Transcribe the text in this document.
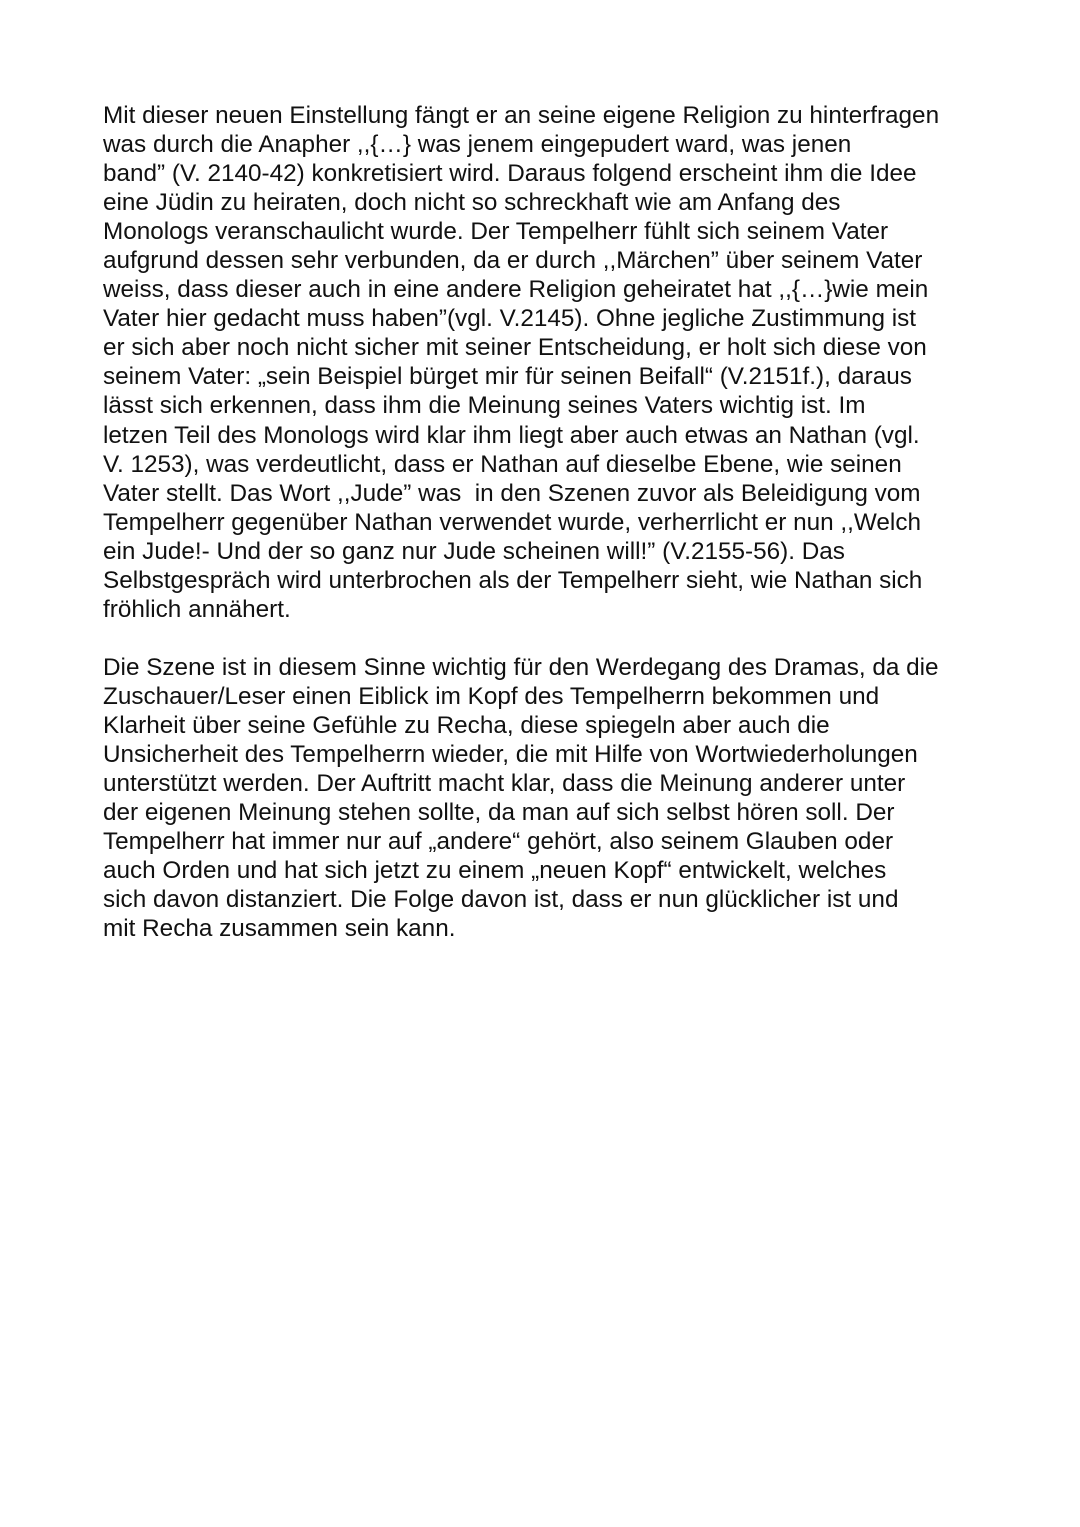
Mit dieser neuen Einstellung fängt er an seine eigene Religion zu hinterfragen
was durch die Anapher ,,{…} was jenem eingepudert ward, was jenen
band” (V. 2140-42) konkretisiert wird. Daraus folgend erscheint ihm die Idee
eine Jüdin zu heiraten, doch nicht so schreckhaft wie am Anfang des
Monologs veranschaulicht wurde. Der Tempelherr fühlt sich seinem Vater
aufgrund dessen sehr verbunden, da er durch ,,Märchen” über seinem Vater
weiss, dass dieser auch in eine andere Religion geheiratet hat ,,{…}wie mein
Vater hier gedacht muss haben”(vgl. V.2145). Ohne jegliche Zustimmung ist
er sich aber noch nicht sicher mit seiner Entscheidung, er holt sich diese von
seinem Vater: „sein Beispiel bürget mir für seinen Beifall“ (V.2151f.), daraus
lässt sich erkennen, dass ihm die Meinung seines Vaters wichtig ist. Im
letzen Teil des Monologs wird klar ihm liegt aber auch etwas an Nathan (vgl.
V. 1253), was verdeutlicht, dass er Nathan auf dieselbe Ebene, wie seinen
Vater stellt. Das Wort ,,Jude” was  in den Szenen zuvor als Beleidigung vom
Tempelherr gegenüber Nathan verwendet wurde, verherrlicht er nun ,,Welch
ein Jude!- Und der so ganz nur Jude scheinen will!” (V.2155-56). Das
Selbstgespräch wird unterbrochen als der Tempelherr sieht, wie Nathan sich
fröhlich annähert.
Die Szene ist in diesem Sinne wichtig für den Werdegang des Dramas, da die
Zuschauer/Leser einen Eiblick im Kopf des Tempelherrn bekommen und
Klarheit über seine Gefühle zu Recha, diese spiegeln aber auch die
Unsicherheit des Tempelherrn wieder, die mit Hilfe von Wortwiederholungen
unterstützt werden. Der Auftritt macht klar, dass die Meinung anderer unter
der eigenen Meinung stehen sollte, da man auf sich selbst hören soll. Der
Tempelherr hat immer nur auf „andere“ gehört, also seinem Glauben oder
auch Orden und hat sich jetzt zu einem „neuen Kopf“ entwickelt, welches
sich davon distanziert. Die Folge davon ist, dass er nun glücklicher ist und
mit Recha zusammen sein kann.
